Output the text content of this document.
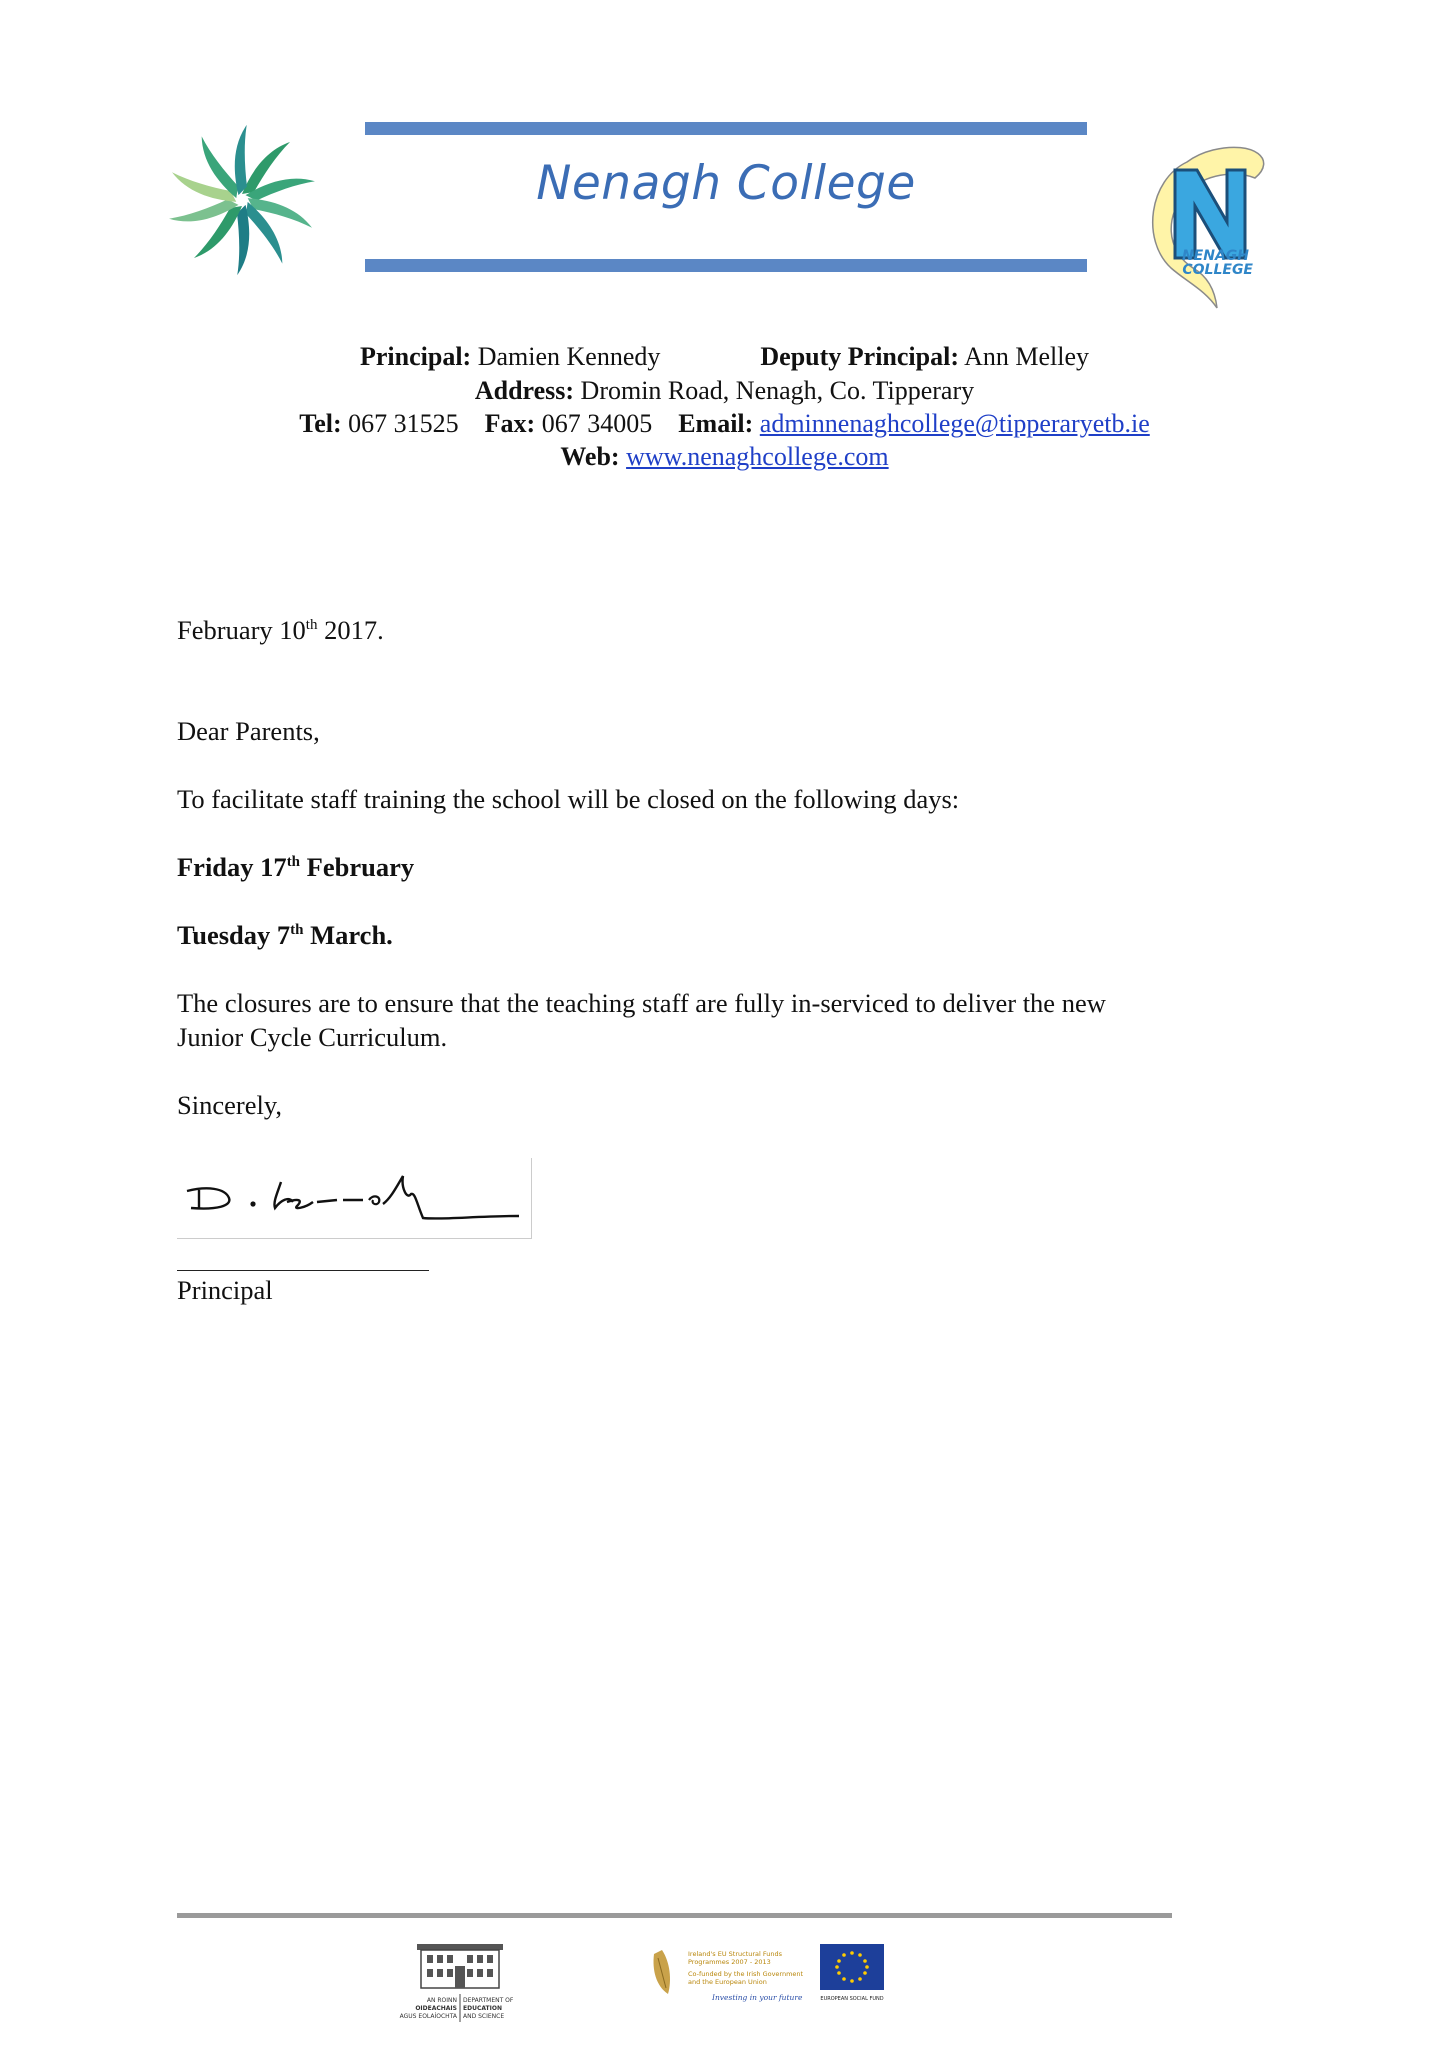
Nenagh College
NENAGH
COLLEGE
Principal: Damien Kennedy	Deputy Principal: Ann Melley
Address: Dromin Road, Nenagh, Co. Tipperary
Tel: 067 31525 Fax: 067 34005 Email: adminnenaghcollege@tipperaryetb.ie
Web: www.nenaghcollege.com
February 10th 2017.
Dear Parents,
To facilitate staff training the school will be closed on the following days:
Friday 17th February
Tuesday 7th March.
The closures are to ensure that the teaching staff are fully in-serviced to deliver the new
Junior Cycle Curriculum.
Sincerely,
Principal
AN ROINN
OIDEACHAIS
AGUS EOLAÍOCHTA
DEPARTMENT OF
EDUCATION
AND SCIENCE
Ireland's EU Structural Funds
Programmes 2007 - 2013
Co-funded by the Irish Government
and the European Union
Investing in your future	EUROPEAN SOCIAL FUND
